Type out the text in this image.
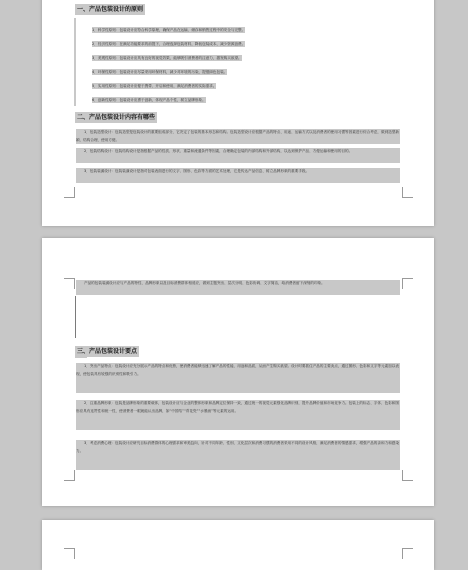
一、产品包装设计的原则
1．科学性原则：包装设计应符合科学原理，确保产品在运输、储存和销售过程中的安全与完整。
2．经济性原则：在满足功能要求的前提下，合理选择包装材料，降低包装成本，减少资源浪费。
3．美观性原则：包装设计应具有良好的视觉效果，能够吸引消费者的注意力，激发购买欲望。
4．环保性原则：包装设计应尽量采用环保材料，减少对环境的污染，提倡绿色包装。
5．实用性原则：包装设计应便于携带、开启和使用，满足消费者的实际需求。
6．创新性原则：包装设计应勇于创新，体现产品个性，树立品牌形象。
二、产品包装设计内容有哪些

1．包装造型设计：包装造型是包装设计的重要组成部分，它决定了包装的基本形态和结构。包装造型设计应根据产品的特点、用途、运输方式以及消费者的使用习惯等因素进行综合考虑，做到造型新颖、结构合理、使用方便。

2．包装结构设计：包装结构设计是指根据产品的性质、形状、重量和流通条件等因素，合理确定包装的内部结构和外部结构，以达到保护产品、方便运输和使用的目的。

3．包装装潢设计：包装装潢设计是指对包装表面进行的文字、图形、色彩等方面的艺术处理，它是传达产品信息、树立品牌形象的重要手段。

产品的包装装潢设计应与产品的特性、品牌形象以及目标消费群体相适应，做到主题突出、层次分明、色彩协调、文字简洁，给消费者留下深刻的印象。

三、产品包装设计要点

1．突出产品特点：包装设计应充分展示产品的特点和优势，使消费者能够迅速了解产品的性能、用途和品质，从而产生购买欲望。设计时要抓住产品的主要卖点，通过图形、色彩和文字等元素加以表现，使包装具有较强的识别性和吸引力。

2．注重品牌形象：包装是品牌形象的重要载体，包装设计应与企业的整体形象和品牌定位保持一致，通过统一的视觉元素强化品牌识别，提升品牌价值和市场竞争力。包装上的标志、字体、色彩和图形应具有连贯性和统一性，使消费者一眼就能认出品牌，如“中国结”“青花瓷”“水墨画”等元素的运用。

3．考虑消费心理：包装设计应研究目标消费群体的心理需求和审美趋向，针对不同年龄、性别、文化层次和消费习惯的消费者采用不同的设计风格，满足消费者的情感需求，增强产品的亲和力和感染力。
